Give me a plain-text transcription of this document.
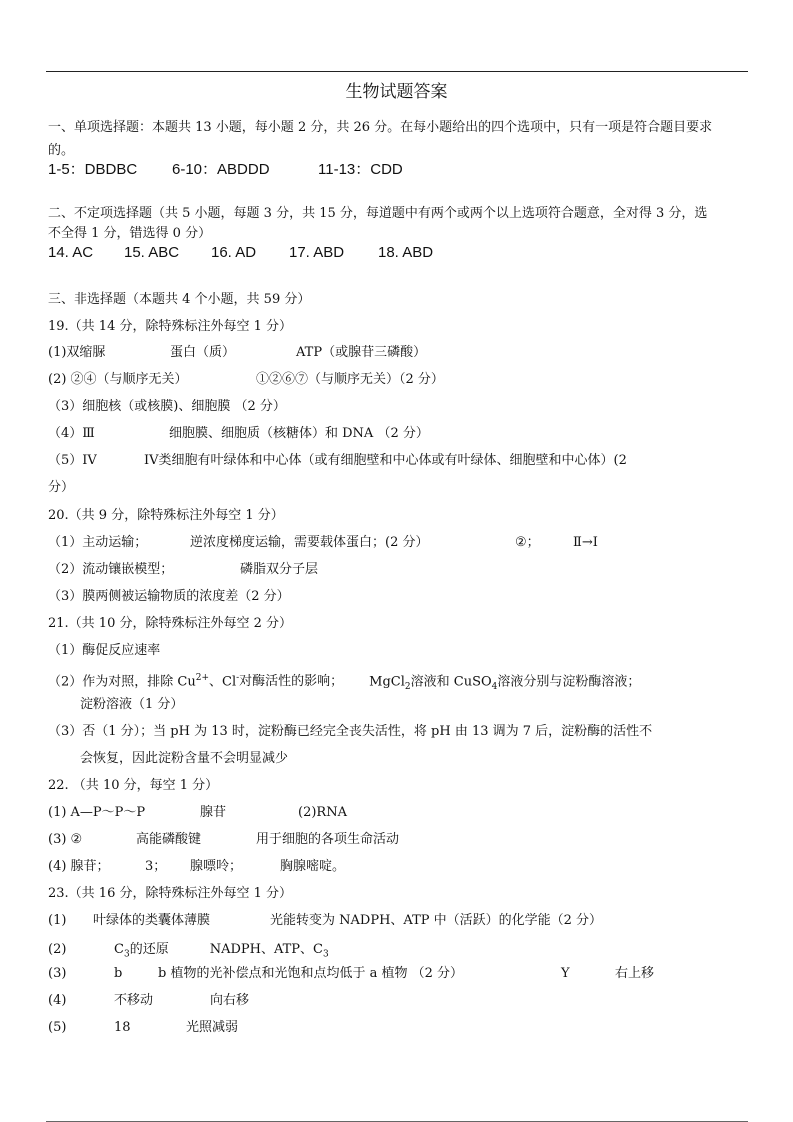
生物试题答案
一、单项选择题：本题共 13 小题，每小题 2 分，共 26 分。在每小题给出的四个选项中，只有一项是符合题目要求
的。
1-5：DBDBC 6-10：ABDDD	11-13：CDD
二、不定项选择题（共 5 小题，每题 3 分，共 15 分，每道题中有两个或两个以上选项符合题意，全对得 3 分，选
不全得 1 分，错选得 0 分）
14. AC 15. ABC 16. AD 17. ABD 18. ABD
三、非选择题（本题共 4 个小题，共 59 分）
19.（共 14 分，除特殊标注外每空 1 分）
(1)双缩脲	蛋白（质）	ATP（或腺苷三磷酸）
(2) ②④（与顺序无关）	①②⑥⑦（与顺序无关）（2 分）
（3）细胞核（或核膜)、细胞膜 （2 分）
（4）Ⅲ	细胞膜、细胞质（核糖体）和 DNA （2 分）
（5）IV	IV类细胞有叶绿体和中心体（或有细胞壁和中心体或有叶绿体、细胞壁和中心体）(2
分）
20.（共 9 分，除特殊标注外每空 1 分）
（1）主动运输；	逆浓度梯度运输，需要载体蛋白；(2 分）	②；	Ⅱ→Ⅰ
（2）流动镶嵌模型；	磷脂双分子层
（3）膜两侧被运输物质的浓度差（2 分）
21.（共 10 分，除特殊标注外每空 2 分）
（1）酶促反应速率
（2）作为对照，排除 $Cu^{2+}$、Cl-对酶活性的影响； MgCl$_2$溶液和 CuSO$_4$溶液分别与淀粉酶溶液；
淀粉溶液（1 分）
（3）否（1 分）；当 pH 为 13 时，淀粉酶已经完全丧失活性，将 pH 由 13 调为 7 后，淀粉酶的活性不
会恢复，因此淀粉含量不会明显减少
22. （共 10 分，每空 1 分）
(1) A—P～P～P	腺苷	(2)RNA
(3) ②	高能磷酸键	用于细胞的各项生命活动
(4) 腺苷；	3； 腺嘌呤；	胸腺嘧啶。
23.（共 16 分，除特殊标注外每空 1 分）
(1) 叶绿体的类囊体薄膜	光能转变为 NADPH、ATP 中（活跃）的化学能（2 分）
(2)	$C_3$的还原	NADPH、ATP、$C_3$
(3)	b	b 植物的光补偿点和光饱和点均低于 a 植物 （2 分）	Y	右上移
(4)	不移动	向右移
(5)	18	光照减弱
